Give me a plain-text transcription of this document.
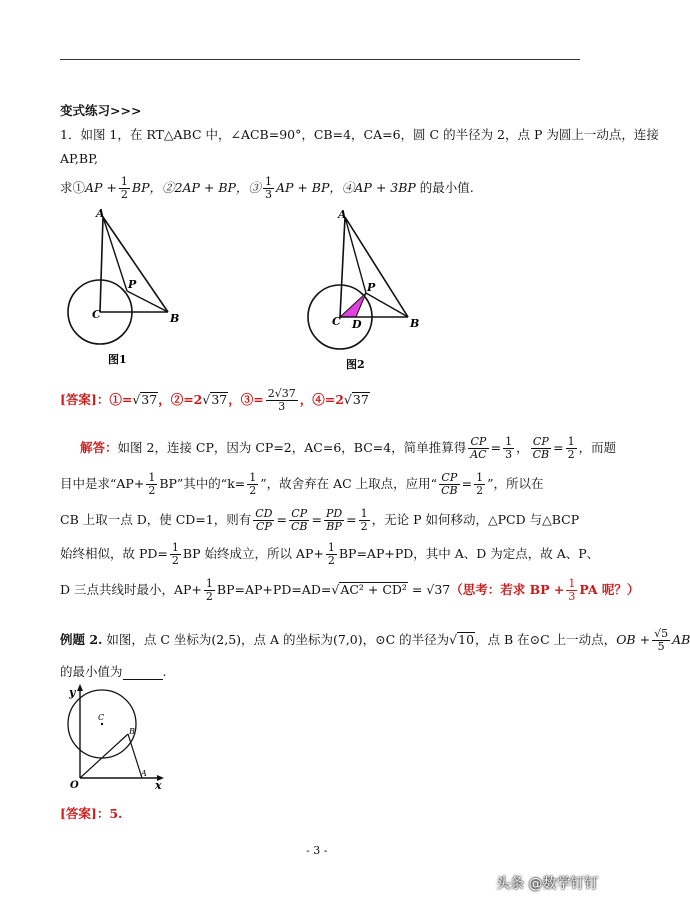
变式练习>>>
1．如图 1，在 RT△ABC 中，∠ACB=90°，CB=4，CA=6，圆 C 的半径为 2，点 P 为圆上一动点，连接
AP,BP,
求①AP + $\frac{1}{2}$ BP，②2AP + BP，③ $\frac{1}{3}$ AP + BP，④AP + 3BP 的最小值.
A
B
C
P
图1
A
B
C
P
D
图2
[答案]：①=√37，②=2√37，③= $\frac{2√37}{3}$ ，④=2√37
解答：如图 2，连接 CP，因为 CP=2，AC=6，BC=4，简单推算得 $\frac{CP}{AC} = \frac{1}{3}$ ， $\frac{CP}{CB} = \frac{1}{2}$ ，而题
目中是求“$AP+ \frac{1}{2}$ BP”其中的“$k= \frac{1}{2}$ ”，故舍弃在 AC 上取点，应用“ $\frac{CP}{CB} = \frac{1}{2}$ ”，所以在
CB 上取一点 D，使 CD=1，则有 $\frac{CD}{CP} = \frac{CP}{CB} = \frac{PD}{BP} = \frac{1}{2}$ ，无论 P 如何移动，△PCD 与△BCP
始终相似，故 $PD= \frac{1}{2}$ BP 始终成立，所以 $AP+ \frac{1}{2} BP=AP+PD$，其中 A、D 为定点，故 A、P、
D 三点共线时最小，$AP+ \frac{1}{2} BP=AP+PD=AD=√AC^2 + CD^2 = √37$（思考：若求 BP + $\frac{1}{3}$ PA 呢？）
例题 2. 如图，点 C 坐标为(2,5)，点 A 的坐标为(7,0)，⊙C 的半径为√10，点 B 在⊙C 上一动点，OB + $\frac{√5}{5}$ AB
的最小值为	.
y
x
O
A
B
C
[答案]：5.
- 3 -
头条 @数学钉钉
